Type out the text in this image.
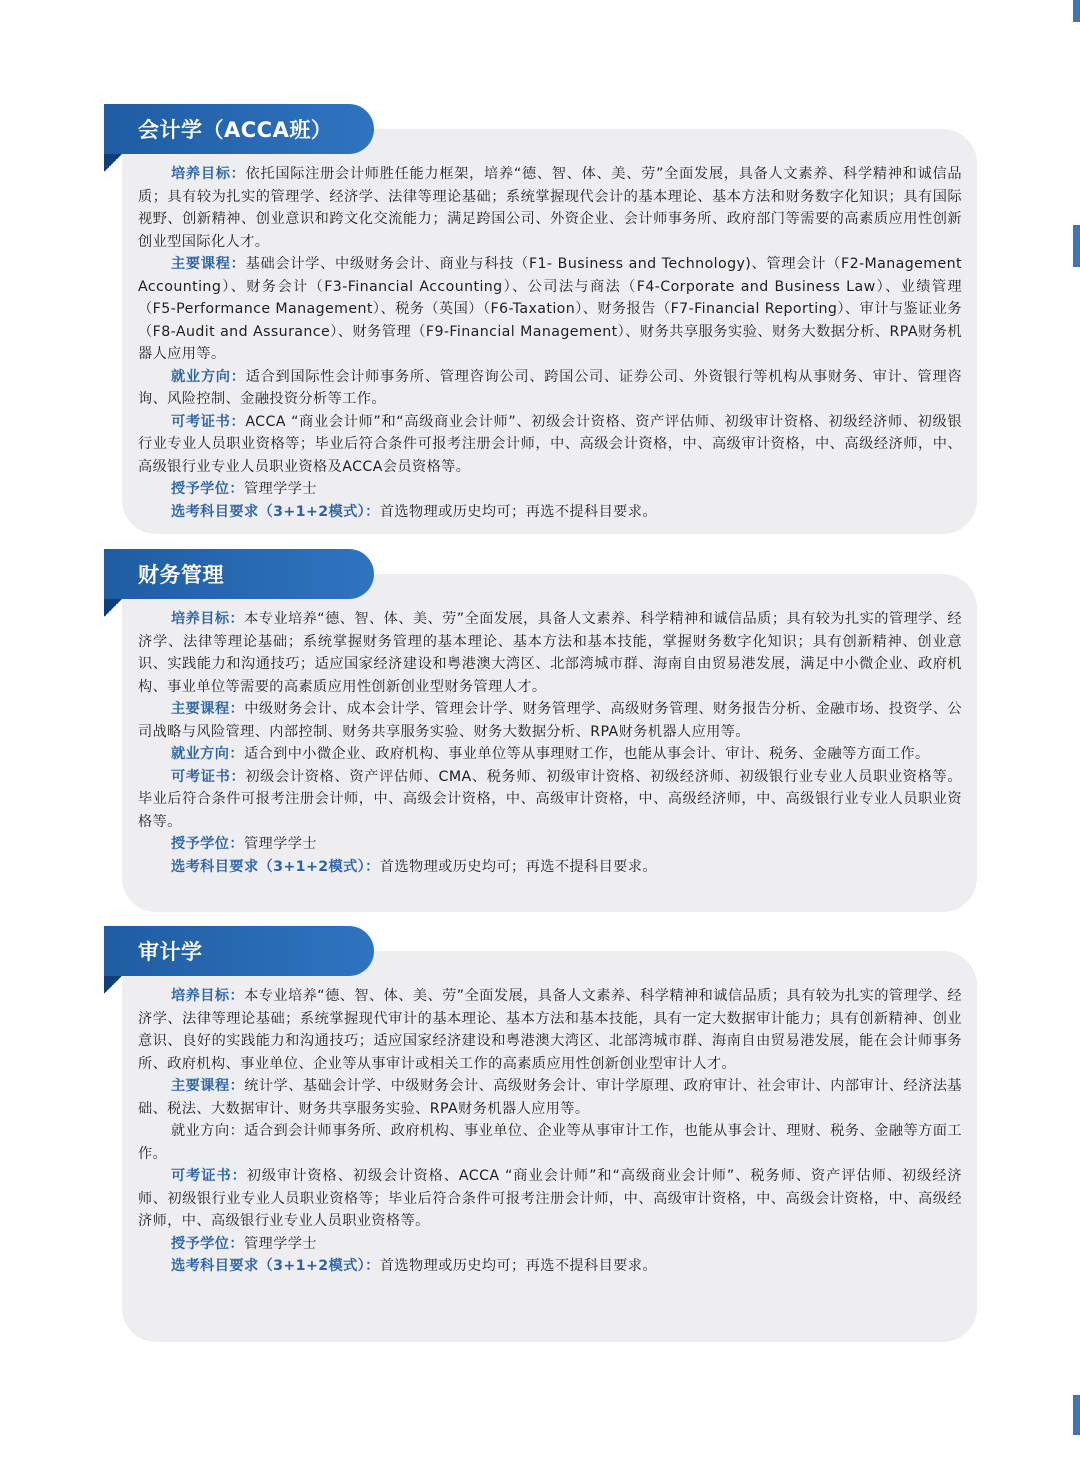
会计学（ACCA班）

培养目标：依托国际注册会计师胜任能力框架，培养“德、智、体、美、劳”全面发展，具备人文素养、科学精神和诚信品质；具有较为扎实的管理学、经济学、法律等理论基础；系统掌握现代会计的基本理论、基本方法和财务数字化知识；具有国际视野、创新精神、创业意识和跨文化交流能力；满足跨国公司、外资企业、会计师事务所、政府部门等需要的高素质应用性创新创业型国际化人才。

主要课程：基础会计学、中级财务会计、商业与科技（F1- Business and Technology)、管理会计（F2-Management Accounting）、财务会计（F3-Financial Accounting）、公司法与商法（F4-Corporate and Business Law）、业绩管理（F5-Performance Management）、税务（英国）（F6-Taxation）、财务报告（F7-Financial Reporting）、审计与鉴证业务（F8-Audit and Assurance）、财务管理（F9-Financial Management）、财务共享服务实验、财务大数据分析、RPA财务机器人应用等。

就业方向：适合到国际性会计师事务所、管理咨询公司、跨国公司、证券公司、外资银行等机构从事财务、审计、管理咨询、风险控制、金融投资分析等工作。

可考证书：ACCA “商业会计师”和“高级商业会计师”、初级会计资格、资产评估师、初级审计资格、初级经济师、初级银行业专业人员职业资格等；毕业后符合条件可报考注册会计师，中、高级会计资格，中、高级审计资格，中、高级经济师，中、高级银行业专业人员职业资格及ACCA会员资格等。

授予学位：管理学学士

选考科目要求（3+1+2模式）：首选物理或历史均可；再选不提科目要求。

财务管理

培养目标：本专业培养“德、智、体、美、劳”全面发展，具备人文素养、科学精神和诚信品质；具有较为扎实的管理学、经济学、法律等理论基础；系统掌握财务管理的基本理论、基本方法和基本技能，掌握财务数字化知识；具有创新精神、创业意识、实践能力和沟通技巧；适应国家经济建设和粤港澳大湾区、北部湾城市群、海南自由贸易港发展，满足中小微企业、政府机构、事业单位等需要的高素质应用性创新创业型财务管理人才。

主要课程：中级财务会计、成本会计学、管理会计学、财务管理学、高级财务管理、财务报告分析、金融市场、投资学、公司战略与风险管理、内部控制、财务共享服务实验、财务大数据分析、RPA财务机器人应用等。

就业方向：适合到中小微企业、政府机构、事业单位等从事理财工作，也能从事会计、审计、税务、金融等方面工作。

可考证书：初级会计资格、资产评估师、CMA、税务师、初级审计资格、初级经济师、初级银行业专业人员职业资格等。毕业后符合条件可报考注册会计师，中、高级会计资格，中、高级审计资格，中、高级经济师，中、高级银行业专业人员职业资格等。

授予学位：管理学学士

选考科目要求（3+1+2模式）：首选物理或历史均可；再选不提科目要求。

审计学

培养目标：本专业培养“德、智、体、美、劳”全面发展，具备人文素养、科学精神和诚信品质；具有较为扎实的管理学、经济学、法律等理论基础；系统掌握现代审计的基本理论、基本方法和基本技能，具有一定大数据审计能力；具有创新精神、创业意识、良好的实践能力和沟通技巧；适应国家经济建设和粤港澳大湾区、北部湾城市群、海南自由贸易港发展，能在会计师事务所、政府机构、事业单位、企业等从事审计或相关工作的高素质应用性创新创业型审计人才。

主要课程：统计学、基础会计学、中级财务会计、高级财务会计、审计学原理、政府审计、社会审计、内部审计、经济法基础、税法、大数据审计、财务共享服务实验、RPA财务机器人应用等。

就业方向：适合到会计师事务所、政府机构、事业单位、企业等从事审计工作，也能从事会计、理财、税务、金融等方面工作。

可考证书：初级审计资格、初级会计资格、ACCA “商业会计师”和“高级商业会计师”、税务师、资产评估师、初级经济师、初级银行业专业人员职业资格等；毕业后符合条件可报考注册会计师，中、高级审计资格，中、高级会计资格，中、高级经济师，中、高级银行业专业人员职业资格等。

授予学位：管理学学士

选考科目要求（3+1+2模式）：首选物理或历史均可；再选不提科目要求。
